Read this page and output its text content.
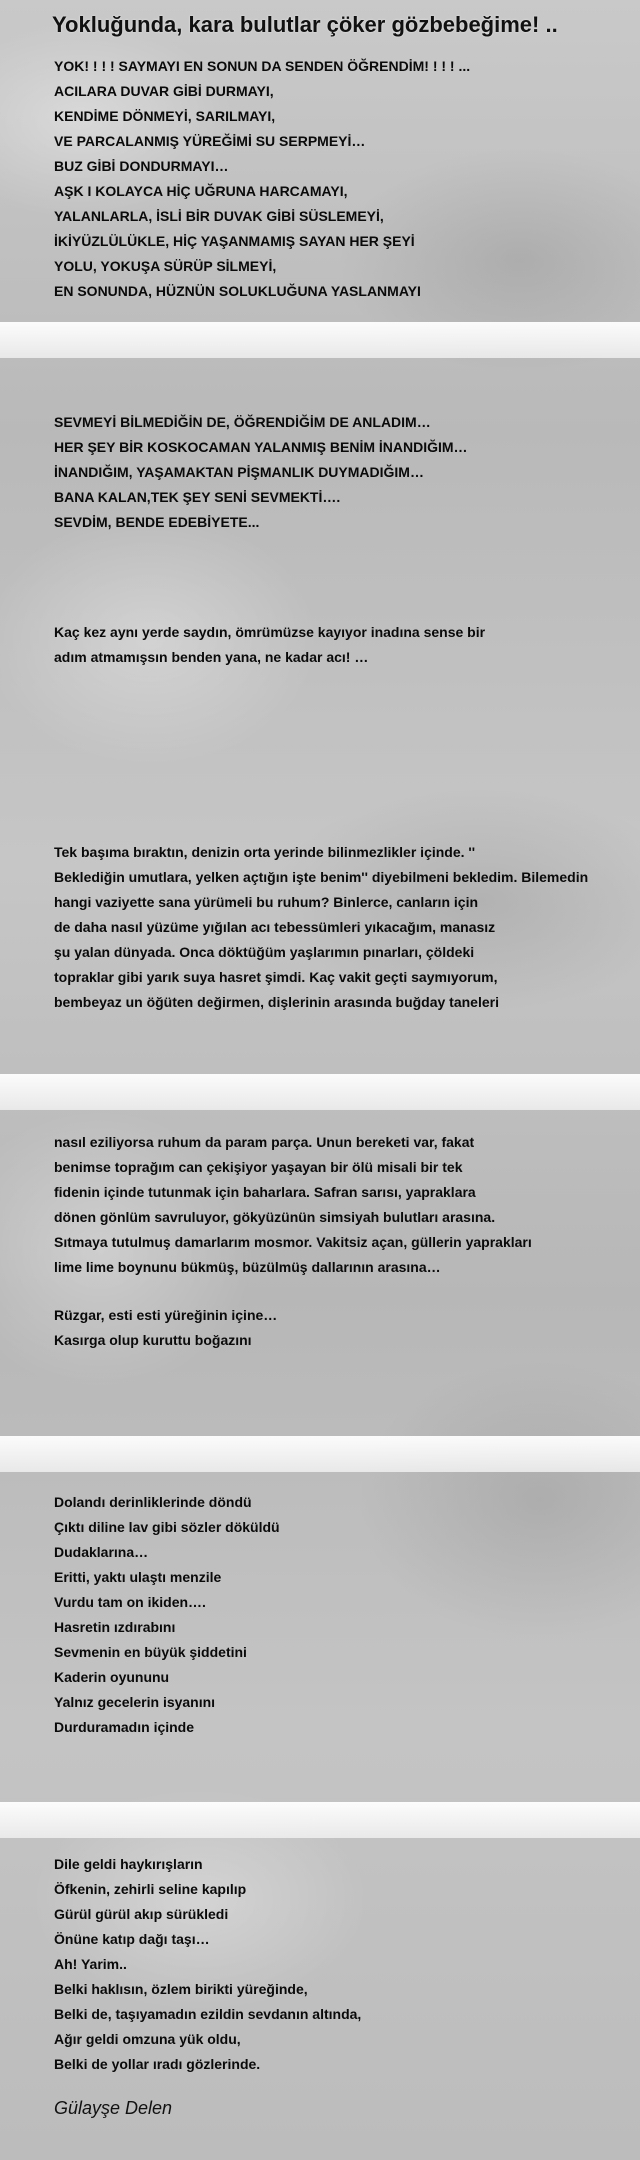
Yokluğunda, kara bulutlar çöker gözbebeğime! ..
YOK! ! ! ! SAYMAYI EN SONUN DA SENDEN ÖĞRENDİM! ! ! ! ...
ACILARA DUVAR GİBİ DURMAYI,
KENDİME DÖNMEYİ, SARILMAYI,
VE PARCALANMIŞ YÜREĞİMİ SU SERPMEYİ…
BUZ GİBİ DONDURMAYI…
AŞK I KOLAYCA HİÇ UĞRUNA HARCAMAYI,
YALANLARLA, İSLİ BİR DUVAK GİBİ SÜSLEMEYİ,
İKİYÜZLÜLÜKLE, HİÇ YAŞANMAMIŞ SAYAN HER ŞEYİ
YOLU, YOKUŞA SÜRÜP SİLMEYİ,
EN SONUNDA, HÜZNÜN SOLUKLUĞUNA YASLANMAYI
SEVMEYİ BİLMEDİĞİN DE, ÖĞRENDİĞİM DE ANLADIM…
HER ŞEY BİR KOSKOCAMAN YALANMIŞ BENİM İNANDIĞIM…
İNANDIĞIM, YAŞAMAKTAN PİŞMANLIK DUYMADIĞIM…
BANA KALAN,TEK ŞEY SENİ SEVMEKTİ….
SEVDİM, BENDE EDEBİYETE...
Kaç kez aynı yerde saydın, ömrümüzse kayıyor inadına sense bir
adım atmamışsın benden yana, ne kadar acı! …
Tek başıma bıraktın, denizin orta yerinde bilinmezlikler içinde. ''
Beklediğin umutlara, yelken açtığın işte benim'' diyebilmeni bekledim. Bilemedin
hangi vaziyette sana yürümeli bu ruhum? Binlerce, canların için
de daha nasıl yüzüme yığılan acı tebessümleri yıkacağım, manasız
şu yalan dünyada. Onca döktüğüm yaşlarımın pınarları, çöldeki
topraklar gibi yarık suya hasret şimdi. Kaç vakit geçti saymıyorum,
bembeyaz un öğüten değirmen, dişlerinin arasında buğday taneleri
nasıl eziliyorsa ruhum da param parça. Unun bereketi var, fakat
benimse toprağım can çekişiyor yaşayan bir ölü misali bir tek
fidenin içinde tutunmak için baharlara. Safran sarısı, yapraklara
dönen gönlüm savruluyor, gökyüzünün simsiyah bulutları arasına.
Sıtmaya tutulmuş damarlarım mosmor. Vakitsiz açan, güllerin yaprakları
lime lime boynunu bükmüş, büzülmüş dallarının arasına…
Rüzgar, esti esti yüreğinin içine…
Kasırga olup kuruttu boğazını
Dolandı derinliklerinde döndü
Çıktı diline lav gibi sözler döküldü
Dudaklarına…
Eritti, yaktı ulaştı menzile
Vurdu tam on ikiden….
Hasretin ızdırabını
Sevmenin en büyük şiddetini
Kaderin oyununu
Yalnız gecelerin isyanını
Durduramadın içinde
Dile geldi haykırışların
Öfkenin, zehirli seline kapılıp
Gürül gürül akıp sürükledi
Önüne katıp dağı taşı…
Ah! Yarim..
Belki haklısın, özlem birikti yüreğinde,
Belki de, taşıyamadın ezildin sevdanın altında,
Ağır geldi omzuna yük oldu,
Belki de yollar ıradı gözlerinde.
Gülayşe Delen
